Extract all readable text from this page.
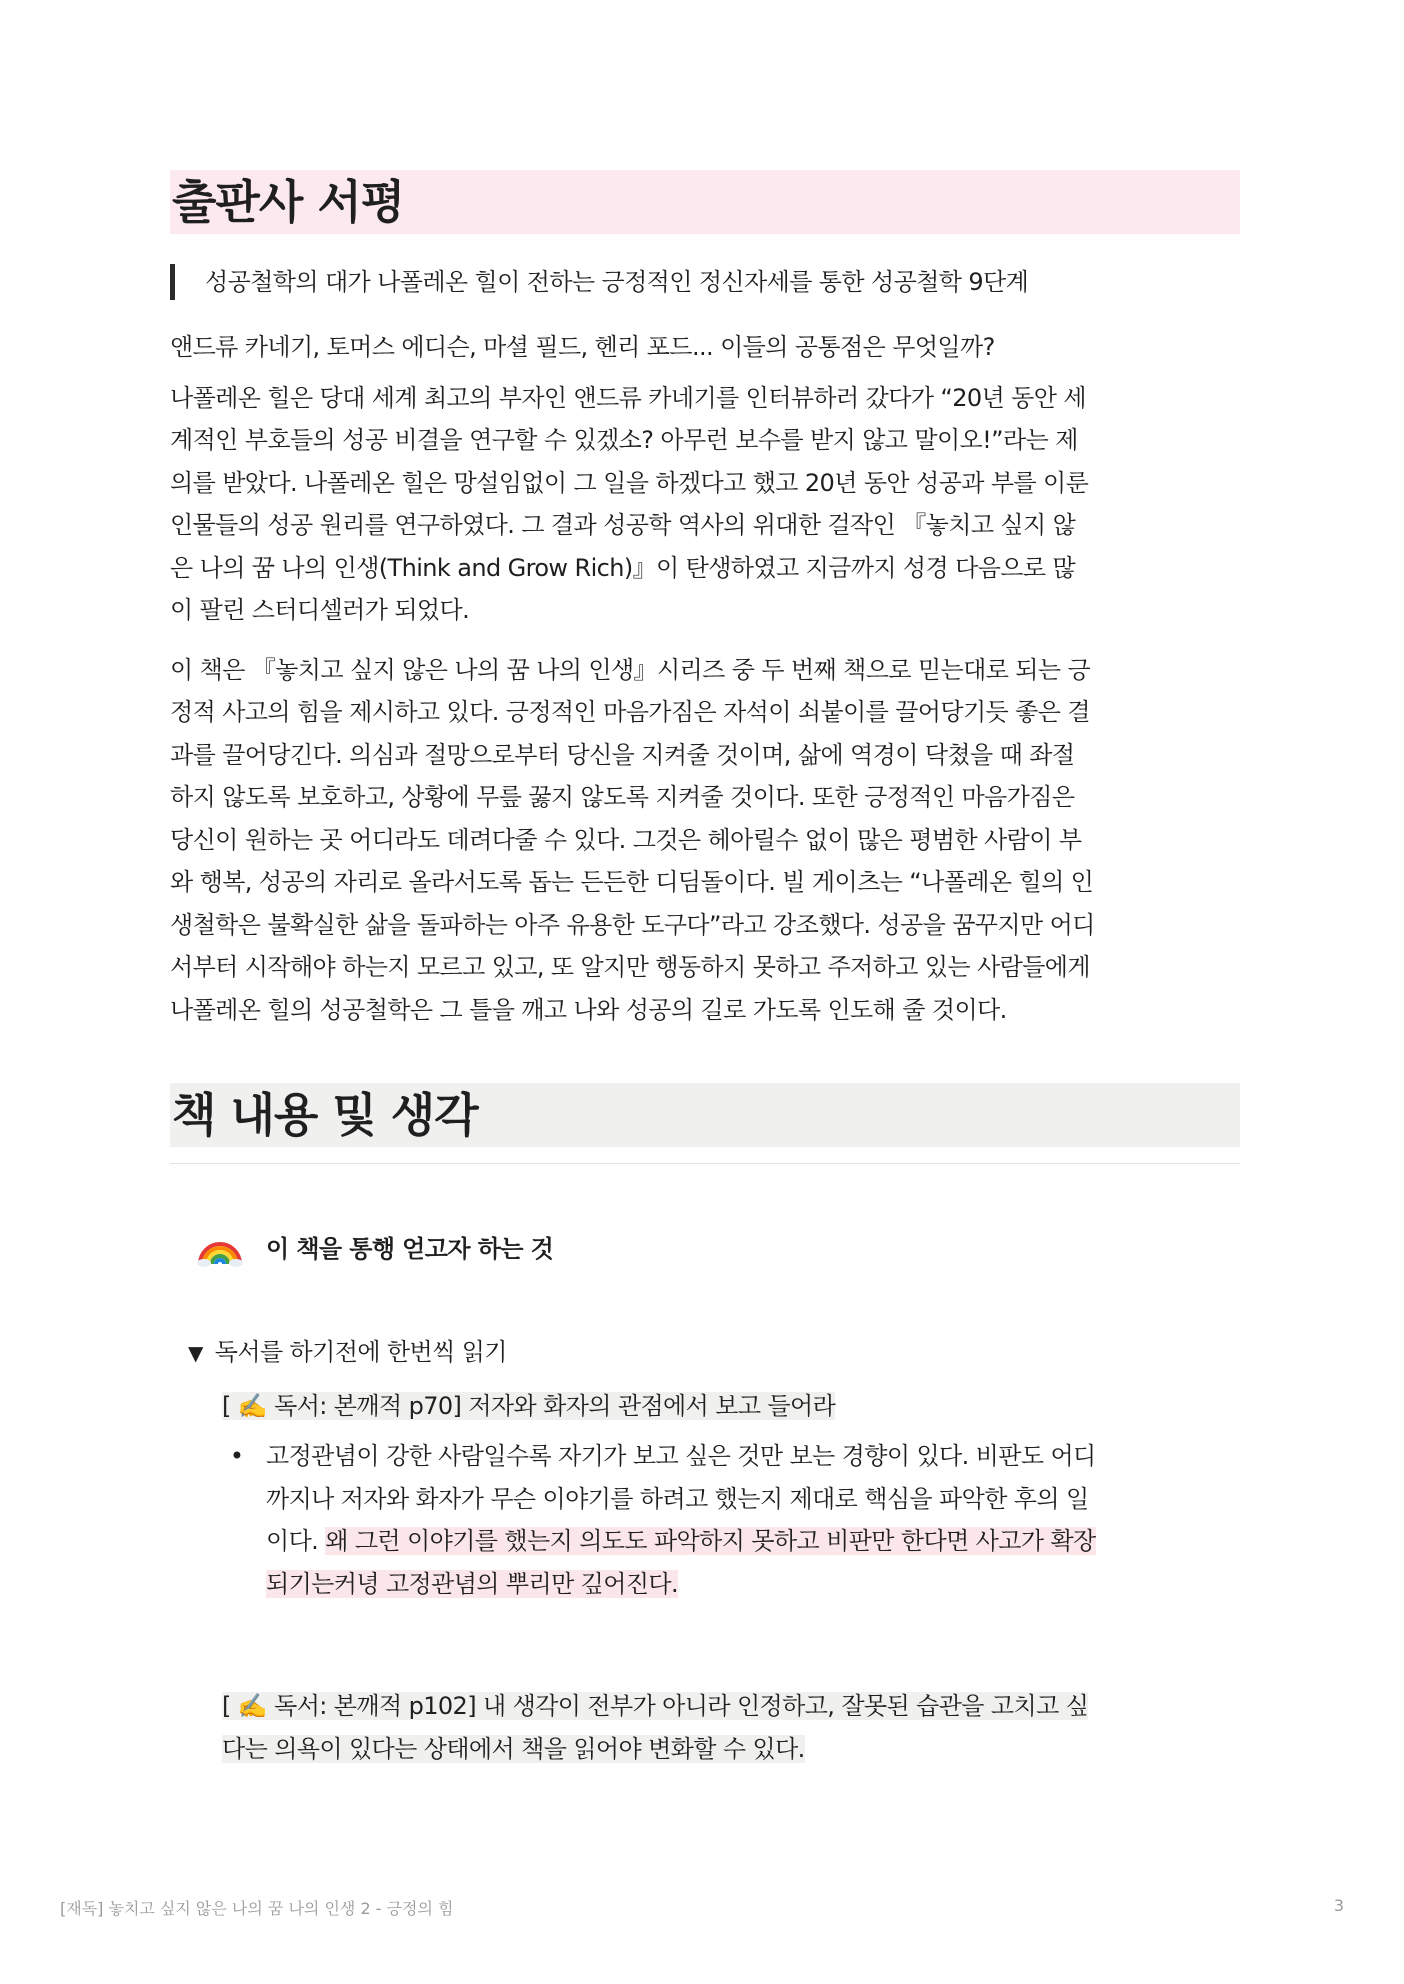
출판사 서평
성공철학의 대가 나폴레온 힐이 전하는 긍정적인 정신자세를 통한 성공철학 9단계

앤드류 카네기, 토머스 에디슨, 마셜 필드, 헨리 포드... 이들의 공통점은 무엇일까?

나폴레온 힐은 당대 세계 최고의 부자인 앤드류 카네기를 인터뷰하러 갔다가 “20년 동안 세
계적인 부호들의 성공 비결을 연구할 수 있겠소? 아무런 보수를 받지 않고 말이오!”라는 제
의를 받았다. 나폴레온 힐은 망설임없이 그 일을 하겠다고 했고 20년 동안 성공과 부를 이룬
인물들의 성공 원리를 연구하였다. 그 결과 성공학 역사의 위대한 걸작인 『놓치고 싶지 않
은 나의 꿈 나의 인생(Think and Grow Rich)』이 탄생하였고 지금까지 성경 다음으로 많
이 팔린 스터디셀러가 되었다.

이 책은 『놓치고 싶지 않은 나의 꿈 나의 인생』시리즈 중 두 번째 책으로 믿는대로 되는 긍
정적 사고의 힘을 제시하고 있다. 긍정적인 마음가짐은 자석이 쇠붙이를 끌어당기듯 좋은 결
과를 끌어당긴다. 의심과 절망으로부터 당신을 지켜줄 것이며, 삶에 역경이 닥쳤을 때 좌절
하지 않도록 보호하고, 상황에 무릎 꿇지 않도록 지켜줄 것이다. 또한 긍정적인 마음가짐은
당신이 원하는 곳 어디라도 데려다줄 수 있다. 그것은 헤아릴수 없이 많은 평범한 사람이 부
와 행복, 성공의 자리로 올라서도록 돕는 든든한 디딤돌이다. 빌 게이츠는 “나폴레온 힐의 인
생철학은 불확실한 삶을 돌파하는 아주 유용한 도구다”라고 강조했다. 성공을 꿈꾸지만 어디
서부터 시작해야 하는지 모르고 있고, 또 알지만 행동하지 못하고 주저하고 있는 사람들에게
나폴레온 힐의 성공철학은 그 틀을 깨고 나와 성공의 길로 가도록 인도해 줄 것이다.

책 내용 및 생각
이 책을 통행 얻고자 하는 것
▼ 독서를 하기전에 한번씩 읽기
[ ✍️ 독서: 본깨적 p70] 저자와 화자의 관점에서 보고 들어라
• 고정관념이 강한 사람일수록 자기가 보고 싶은 것만 보는 경향이 있다. 비판도 어디
까지나 저자와 화자가 무슨 이야기를 하려고 했는지 제대로 핵심을 파악한 후의 일
이다. 왜 그런 이야기를 했는지 의도도 파악하지 못하고 비판만 한다면 사고가 확장
되기는커녕 고정관념의 뿌리만 깊어진다.
[ ✍️ 독서: 본깨적 p102] 내 생각이 전부가 아니라 인정하고, 잘못된 습관을 고치고 싶
다는 의욕이 있다는 상태에서 책을 읽어야 변화할 수 있다.
[재독] 놓치고 싶지 않은 나의 꿈 나의 인생 2 - 긍정의 힘	3
